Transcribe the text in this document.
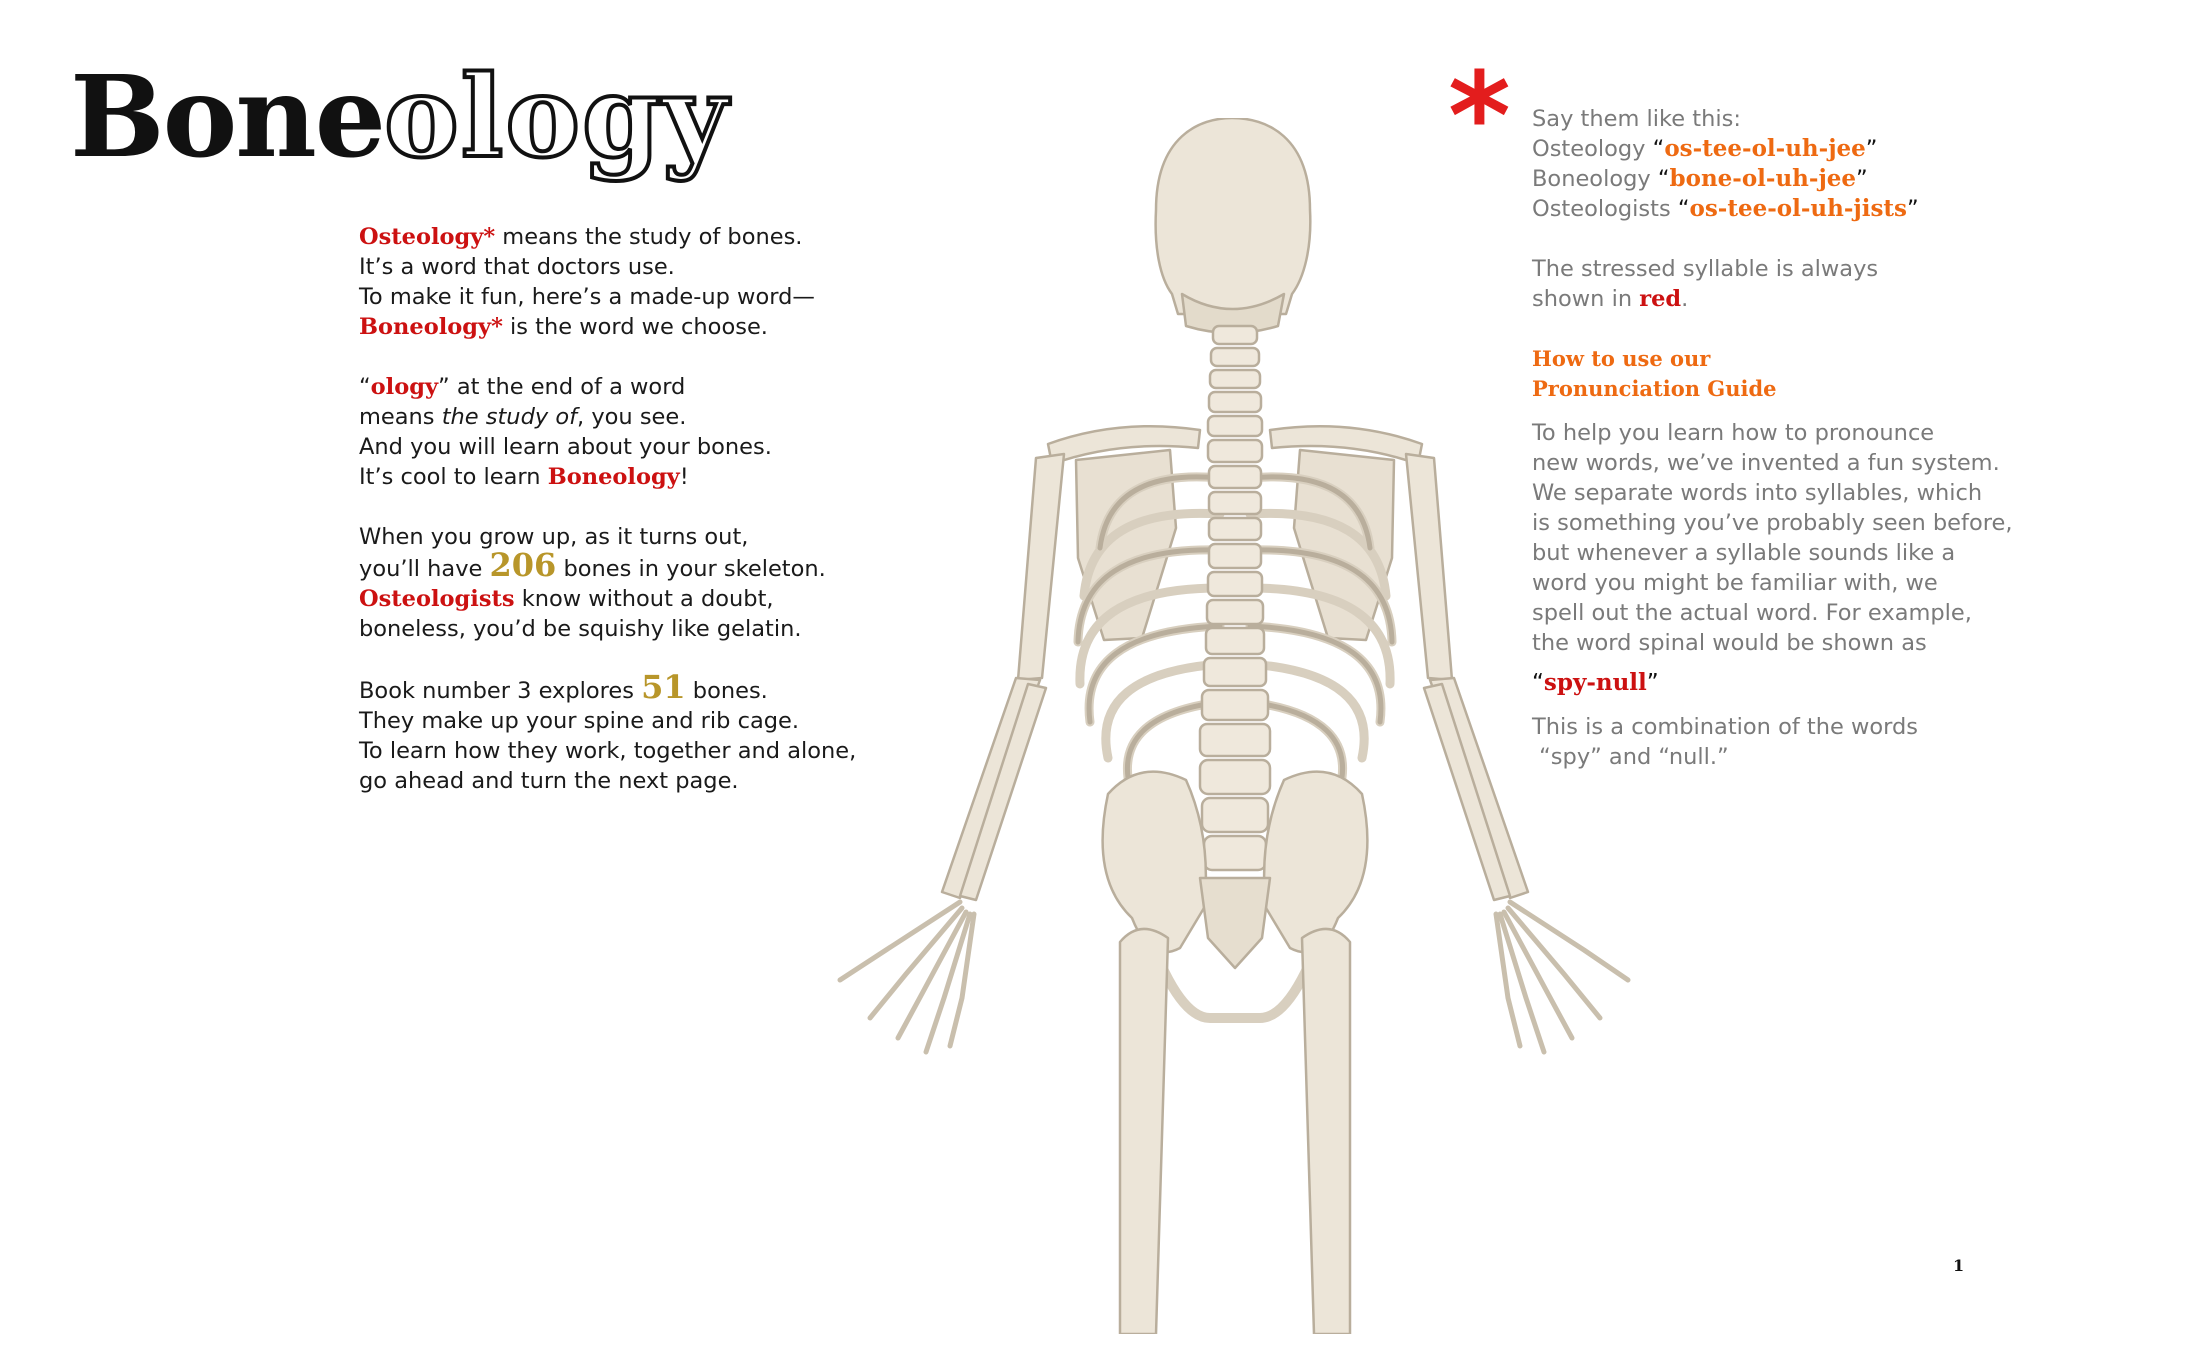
Boneology
Osteology* means the study of bones.
It’s a word that doctors use.
To make it fun, here’s a made-up word—
Boneology* is the word we choose.
“ology” at the end of a word
means the study of, you see.
And you will learn about your bones.
It’s cool to learn Boneology!
When you grow up, as it turns out,
you’ll have 206 bones in your skeleton.
Osteologists know without a doubt,
boneless, you’d be squishy like gelatin.
Book number 3 explores 51 bones.
They make up your spine and rib cage.
To learn how they work, together and alone,
go ahead and turn the next page.
* Say them like this:
Osteology “os-tee-ol-uh-jee”
Boneology “bone-ol-uh-jee”
Osteologists “os-tee-ol-uh-jists”
The stressed syllable is always
shown in red.
How to use our
Pronunciation Guide
To help you learn how to pronounce
new words, we’ve invented a fun system.
We separate words into syllables, which
is something you’ve probably seen before,
but whenever a syllable sounds like a
word you might be familiar with, we
spell out the actual word. For example,
the word spinal would be shown as
“spy-null”
This is a combination of the words
“spy” and “null.”
1
